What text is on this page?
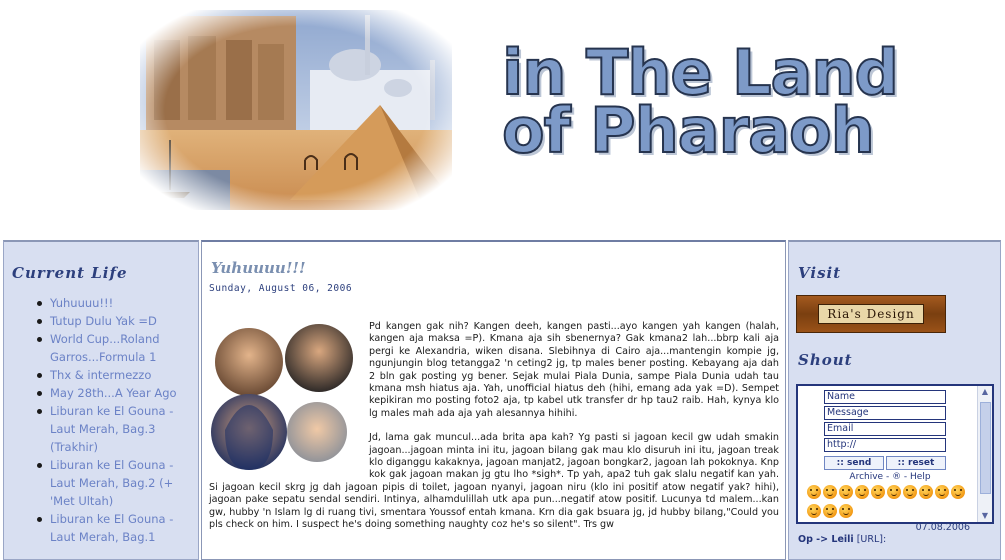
in The Land
of Pharaoh
Current Life
Yuhuuuu!!!
Tutup Dulu Yak =D
World Cup...Roland Garros...Formula 1
Thx & intermezzo
May 28th...A Year Ago
Liburan ke El Gouna - Laut Merah, Bag.3 (Trakhir)
Liburan ke El Gouna - Laut Merah, Bag.2 (+ 'Met Ultah)
Liburan ke El Gouna - Laut Merah, Bag.1
Yuhuuuu!!!
Sunday, August 06, 2006

Pd kangen gak nih? Kangen deeh, kangen pasti...ayo kangen yah kangen (halah, kangen aja maksa =P). Kmana aja sih sbenernya? Gak kmana2 lah...bbrp kali aja pergi ke Alexandria, wiken disana. Slebihnya di Cairo aja...mantengin kompie jg, ngunjungin blog tetangga2 'n ceting2 jg, tp males bener posting. Kebayang aja dah 2 bln gak posting yg bener. Sejak mulai Piala Dunia, sampe Piala Dunia udah tau kmana msh hiatus aja. Yah, unofficial hiatus deh (hihi, emang ada yak =D). Sempet kepikiran mo posting foto2 aja, tp kabel utk transfer dr hp tau2 raib. Hah, kynya klo lg males mah ada aja yah alesannya hihihi.

Jd, lama gak muncul...ada brita apa kah? Yg pasti si jagoan kecil gw udah smakin jagoan...jagoan minta ini itu, jagoan bilang gak mau klo disuruh ini itu, jagoan treak klo diganggu kakaknya, jagoan manjat2, jagoan bongkar2, jagoan lah pokoknya. Knp kok gak jagoan makan jg gtu lho *sigh*. Tp yah, apa2 tuh gak slalu negatif kan yah. Si jagoan kecil skrg jg dah jagoan pipis di toilet, jagoan nyanyi, jagoan niru (klo ini positif atow negatif yak? hihi), jagoan pake sepatu sendal sendiri. Intinya, alhamdulillah utk apa pun...negatif atow positif. Lucunya td malem...kan gw, hubby 'n Islam lg di ruang tivi, smentara Youssof entah kmana. Krn dia gak bsuara jg, jd hubby bilang,"Could you pls check on him. I suspect he's doing something naughty coz he's so silent". Trs gw

Visit
Ria's Design
Shout
Name
Message
Email
http://
:: send	:: reset
Archive - ® - Help
▲
▼
07.08.2006
Op -> Leili [URL]:
